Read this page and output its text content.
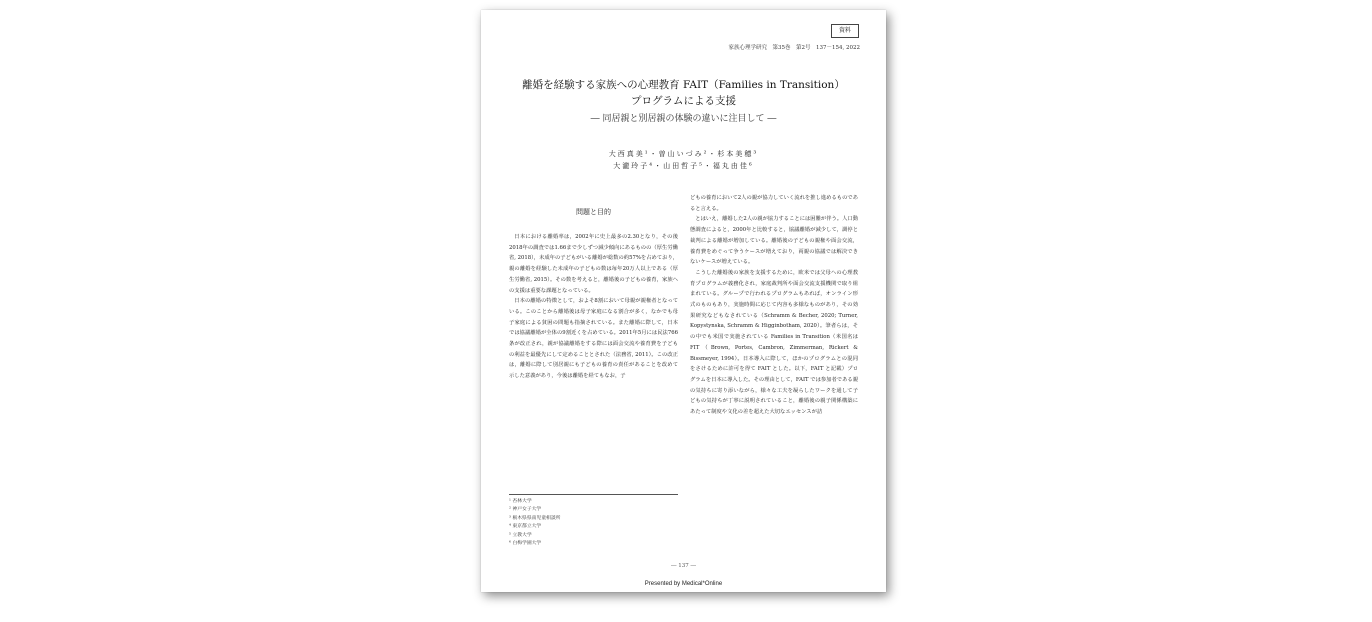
資料
家族心理学研究　第35巻　第2号　137－154, 2022
離婚を経験する家族への心理教育 FAIT（Families in Transition）
プログラムによる支援
― 同居親と別居親の体験の違いに注目して ―
大西真美¹・曽山いづみ²・杉本美穂³
大瀧玲子⁴・山田哲子⁵・福丸由佳⁶
問題と目的

日本における離婚率は，2002年に史上最多の2.30となり，その後2018年の調査では1.66まで少しずつ減少傾向にあるものの（厚生労働省, 2018），未成年の子どもがいる離婚が総数の約57%を占めており，親の離婚を経験した未成年の子どもの数は毎年20万人以上である（厚生労働省, 2015）。その数を考えると，離婚後の子どもの養育，家族への支援は重要な課題となっている。

日本の離婚の特徴として，およそ8割において母親が親権者となっている。このことから離婚後は母子家庭になる割合が多く，なかでも母子家庭による貧困の問題も指摘されている。また離婚に際して，日本では協議離婚が全体の9割近くを占めている。2011年5月には民法766条が改正され，親が協議離婚をする際には面会交流や養育費を子どもの利益を最優先にして定めることとされた（法務省, 2011）。この改正は，離婚に際して別居親にも子どもの養育の責任があることを改めて示した意義があり，今後は離婚を経てもなお，子

どもの養育において2人の親が協力していく流れを推し進めるものであると言える。

とはいえ，離婚した2人の親が協力することには困難が伴う。人口動態調査によると，2000年と比較すると，協議離婚が減少して，調停と裁判による離婚が増加している。離婚後の子どもの親権や面会交流，養育費をめぐって争うケースが増えており，両親の協議では解決できないケースが増えている。

こうした離婚後の家族を支援するために，欧米では父母への心理教育プログラムが義務化され，家庭裁判所や面会交流支援機関で取り組まれている。グループで行われるプログラムもあれば，オンライン形式のものもあり，実施時間に応じて内容も多様なものがあり，その効果研究などもなされている（Schramm & Becher, 2020; Turner, Kopystynska, Schramm & Higginbotham, 2020）。筆者らは，その中でも米国で実施されている Families in Transition（米国名は FIT（Brown, Portes, Cambron, Zimmerman, Rickert & Bissmeyer, 1994）。日本導入に際して，ほかのプログラムとの混同をさけるために許可を得て FAIT とした。以下，FAIT と記載）プログラムを日本に導入した。その理由として，FAIT では参加者である親の気持ちに寄り添いながら，様々な工夫を凝らしたワークを通して子どもの気持ちが丁寧に説明されていること，離婚後の親子関係構築にあたって制度や文化の差を超えた大切なエッセンスが詰

¹ 杏林大学
² 神戸女子大学
³ 栃木県県南児童相談所
⁴ 東京都立大学
⁵ 立教大学
⁶ 白梅学園大学
― 137 ―
Presented by Medical*Online
